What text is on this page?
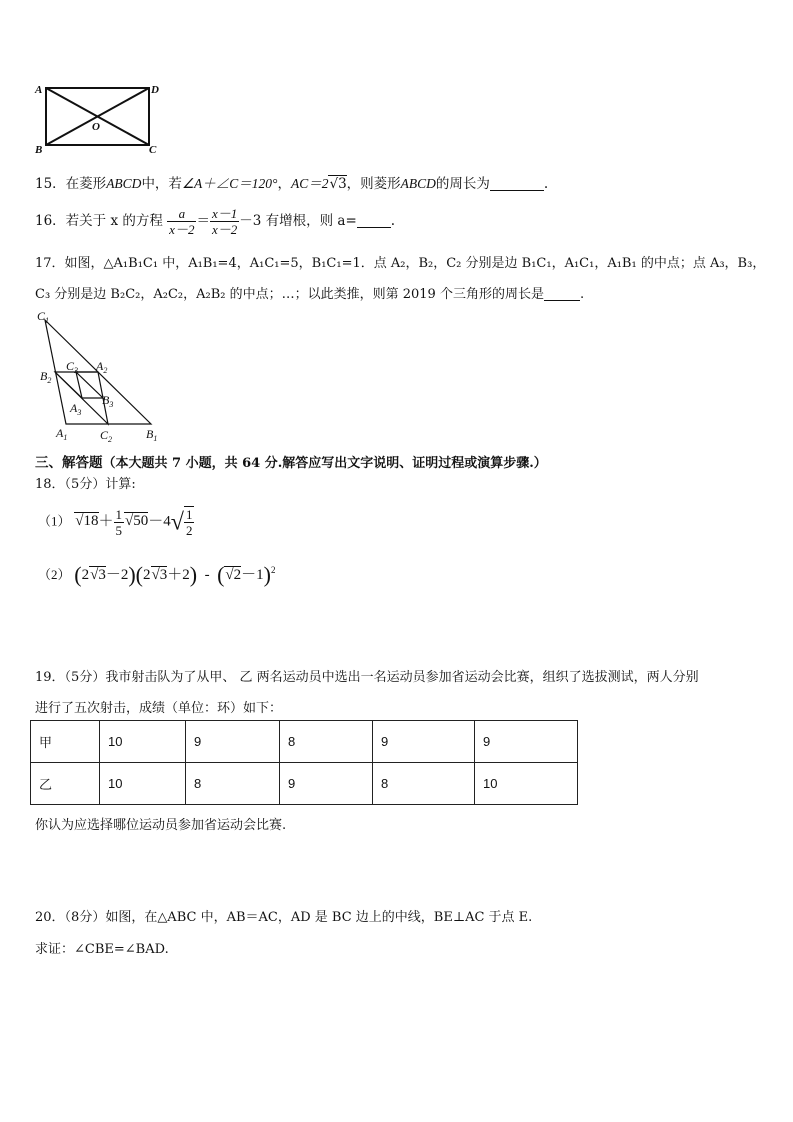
A	D
B	C
O
15．在菱形ABCD中，若∠A＋∠C＝120°，AC＝2√3，则菱形ABCD的周长为	.
16．若关于 x 的方程 $\frac{a}{x-2} = \frac{x-1}{x-2} -3$ 有增根，则 a=	.
17．如图，△A₁B₁C₁ 中，A₁B₁=4，A₁C₁=5，B₁C₁=1．点 A₂，B₂，C₂ 分别是边 B₁C₁，A₁C₁，A₁B₁ 的中点；点 A₃，B₃，
C₃ 分别是边 B₂C₂，A₂C₂，A₂B₂ 的中点；…；以此类推，则第 2019 个三角形的周长是	.
$C_1$
$C_3$ $A_2$
$B_2$
$B_3$
$A_3$
$A_1$	$C_2$	$B_1$
三、解答题（本大题共 7 小题，共 64 分.解答应写出文字说明、证明过程或演算步骤.）
18．（5分）计算:
（1） $√18+ \frac{1}{5} √50-4√ \frac{1}{2}$
（2） $(2√3-2)(2√3+2) - (√2-1)^2$
19．（5分）我市射击队为了从甲、 乙 两名运动员中选出一名运动员参加省运动会比赛，组织了选拔测试，两人分别
进行了五次射击，成绩（单位：环）如下：
甲	10	9	8	9	9
乙	10	8	9	8	10
你认为应选择哪位运动员参加省运动会比赛.
20．（8分）如图，在△ABC 中，AB＝AC，AD 是 BC 边上的中线，BE⊥AC 于点 E.
求证：∠CBE=∠BAD.
